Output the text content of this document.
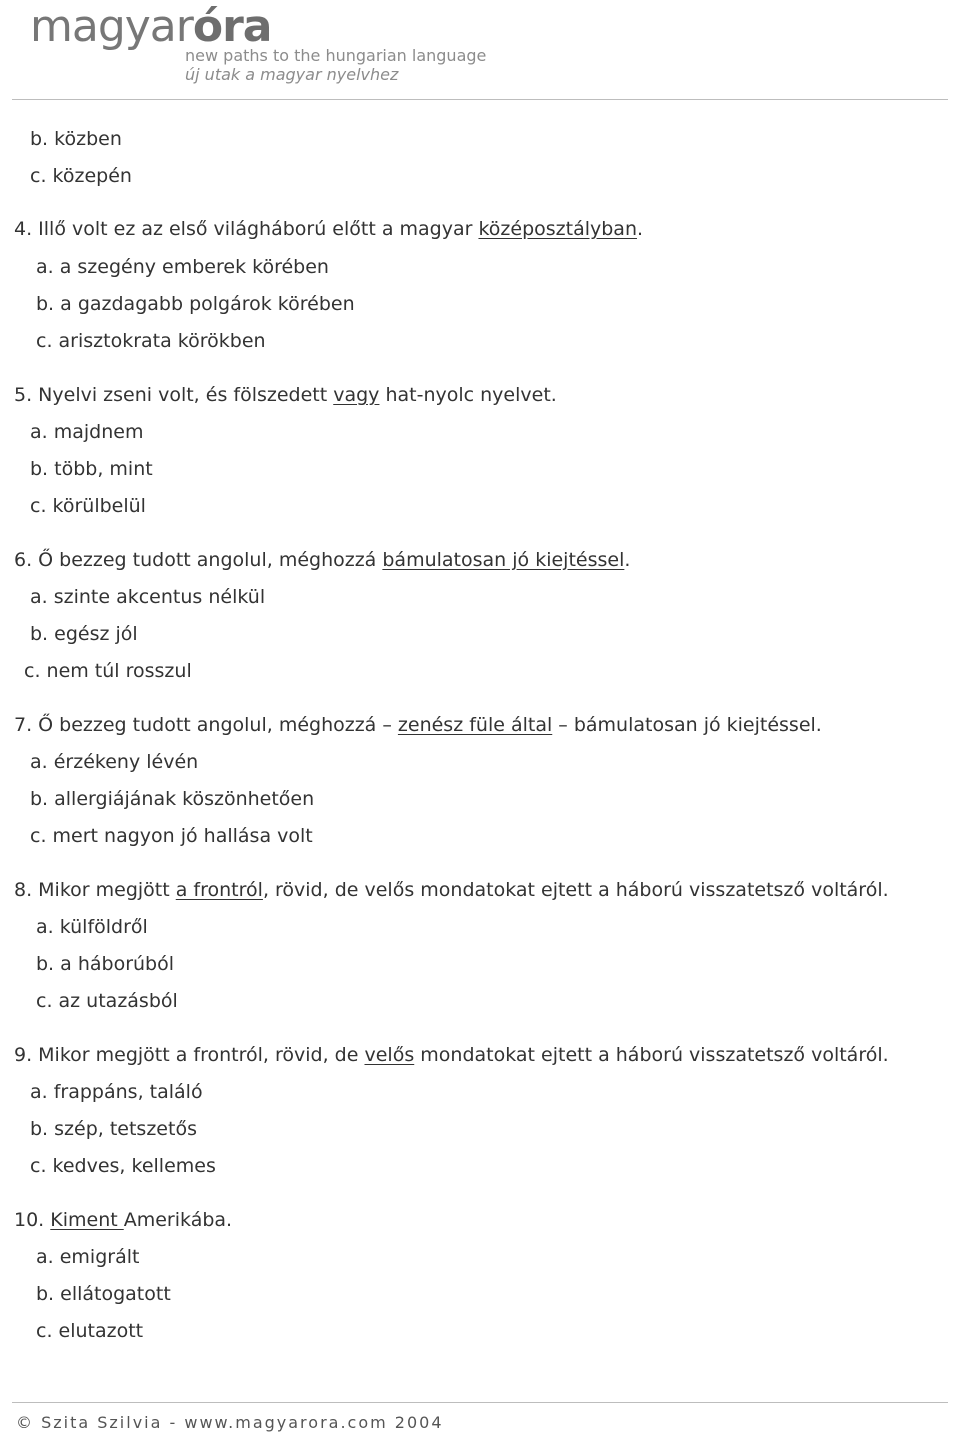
magyaróra
new paths to the hungarian language
új utak a magyar nyelvhez
b. közben
c. közepén
4. Illő volt ez az első világháború előtt a magyar középosztályban.
a. a szegény emberek körében
b. a gazdagabb polgárok körében
c. arisztokrata körökben
5. Nyelvi zseni volt, és fölszedett vagy hat-nyolc nyelvet.
a. majdnem
b. több, mint
c. körülbelül
6. Ő bezzeg tudott angolul, méghozzá bámulatosan jó kiejtéssel.
a. szinte akcentus nélkül
b. egész jól
c. nem túl rosszul
7. Ő bezzeg tudott angolul, méghozzá – zenész füle által – bámulatosan jó kiejtéssel.
a. érzékeny lévén
b. allergiájának köszönhetően
c. mert nagyon jó hallása volt
8. Mikor megjött a frontról, rövid, de velős mondatokat ejtett a háború visszatetsző voltáról.
a. külföldről
b. a háborúból
c. az utazásból
9. Mikor megjött a frontról, rövid, de velős mondatokat ejtett a háború visszatetsző voltáról.
a. frappáns, találó
b. szép, tetszetős
c. kedves, kellemes
10. Kiment Amerikába.
a. emigrált
b. ellátogatott
c. elutazott
© Szita Szilvia - www.magyarora.com 2004
